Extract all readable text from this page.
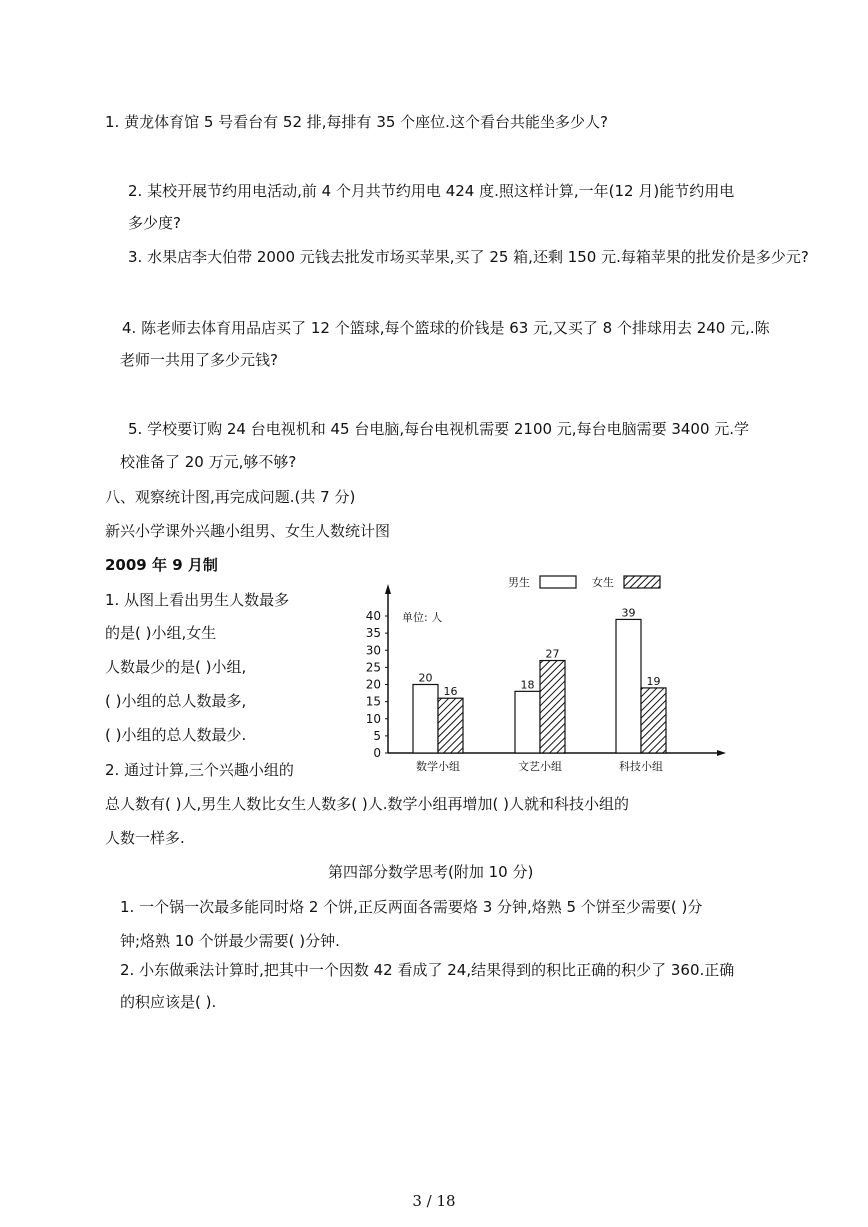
1. 黄龙体育馆 5 号看台有 52 排,每排有 35 个座位.这个看台共能坐多少人?
2. 某校开展节约用电活动,前 4 个月共节约用电 424 度.照这样计算,一年(12 月)能节约用电
多少度?
3. 水果店李大伯带 2000 元钱去批发市场买苹果,买了 25 箱,还剩 150 元.每箱苹果的批发价是多少元?
4. 陈老师去体育用品店买了 12 个篮球,每个篮球的价钱是 63 元,又买了 8 个排球用去 240 元,.陈
老师一共用了多少元钱?
5. 学校要订购 24 台电视机和 45 台电脑,每台电视机需要 2100 元,每台电脑需要 3400 元.学
校准备了 20 万元,够不够?
八、观察统计图,再完成问题.(共 7 分)
新兴小学课外兴趣小组男、女生人数统计图
2009 年 9 月制
1. 从图上看出男生人数最多
的是( )小组,女生
人数最少的是( )小组,
( )小组的总人数最多,
( )小组的总人数最少.
2. 通过计算,三个兴趣小组的
总人数有( )人,男生人数比女生人数多( )人.数学小组再增加( )人就和科技小组的
人数一样多.
0
5
10
15
20
25
30
35
40 单位: 人
20
16
数学小组
18
27
文艺小组
39
19
科技小组
男生	女生
第四部分数学思考(附加 10 分)
1. 一个锅一次最多能同时烙 2 个饼,正反两面各需要烙 3 分钟,烙熟 5 个饼至少需要( )分
钟;烙熟 10 个饼最少需要( )分钟.
2. 小东做乘法计算时,把其中一个因数 42 看成了 24,结果得到的积比正确的积少了 360.正确
的积应该是( ).
3 / 18
